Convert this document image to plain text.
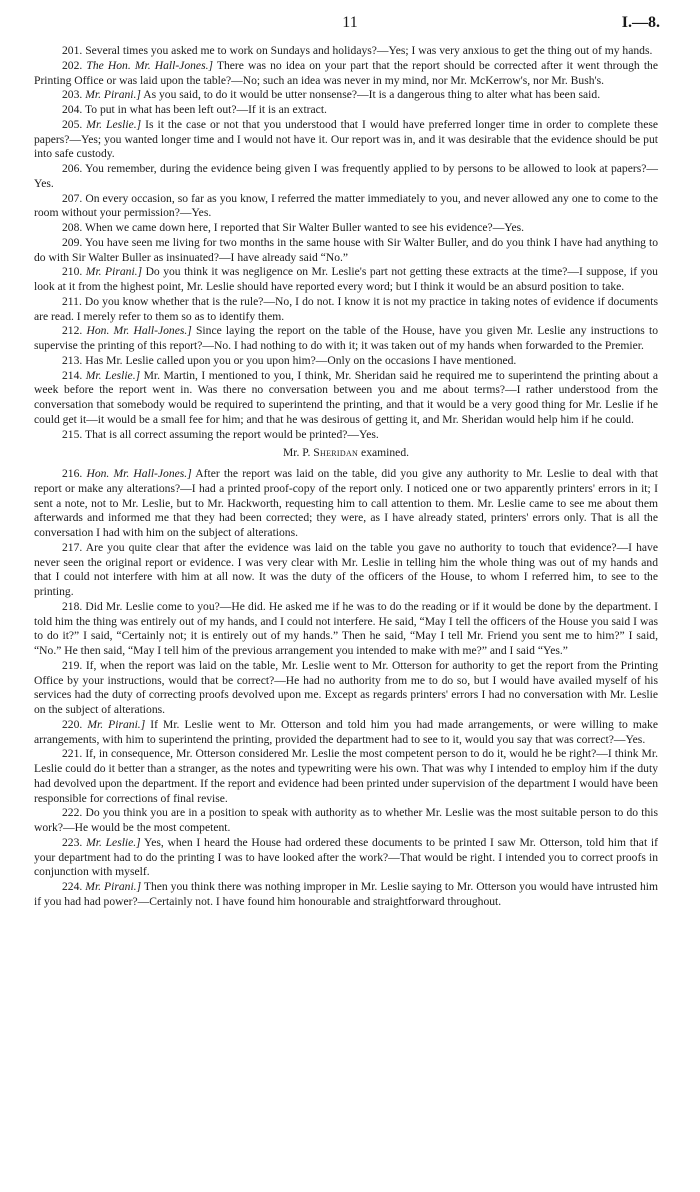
11	I.—8.

201. Several times you asked me to work on Sundays and holidays?—Yes; I was very anxious to get the thing out of my hands.

202. The Hon. Mr. Hall-Jones.] There was no idea on your part that the report should be corrected after it went through the Printing Office or was laid upon the table?—No; such an idea was never in my mind, nor Mr. McKerrow's, nor Mr. Bush's.

203. Mr. Pirani.] As you said, to do it would be utter nonsense?—It is a dangerous thing to alter what has been said.

204. To put in what has been left out?—If it is an extract.

205. Mr. Leslie.] Is it the case or not that you understood that I would have preferred longer time in order to complete these papers?—Yes; you wanted longer time and I would not have it. Our report was in, and it was desirable that the evidence should be put into safe custody.

206. You remember, during the evidence being given I was frequently applied to by persons to be allowed to look at papers?—Yes.

207. On every occasion, so far as you know, I referred the matter immediately to you, and never allowed any one to come to the room without your permission?—Yes.

208. When we came down here, I reported that Sir Walter Buller wanted to see his evidence?—Yes.

209. You have seen me living for two months in the same house with Sir Walter Buller, and do you think I have had anything to do with Sir Walter Buller as insinuated?—I have already said “No.”

210. Mr. Pirani.] Do you think it was negligence on Mr. Leslie's part not getting these extracts at the time?—I suppose, if you look at it from the highest point, Mr. Leslie should have reported every word; but I think it would be an absurd position to take.

211. Do you know whether that is the rule?—No, I do not. I know it is not my practice in taking notes of evidence if documents are read. I merely refer to them so as to identify them.

212. Hon. Mr. Hall-Jones.] Since laying the report on the table of the House, have you given Mr. Leslie any instructions to supervise the printing of this report?—No. I had nothing to do with it; it was taken out of my hands when forwarded to the Premier.

213. Has Mr. Leslie called upon you or you upon him?—Only on the occasions I have mentioned.

214. Mr. Leslie.] Mr. Martin, I mentioned to you, I think, Mr. Sheridan said he required me to superintend the printing about a week before the report went in. Was there no conversation between you and me about terms?—I rather understood from the conversation that somebody would be required to superintend the printing, and that it would be a very good thing for Mr. Leslie if he could get it—it would be a small fee for him; and that he was desirous of getting it, and Mr. Sheridan would help him if he could.

215. That is all correct assuming the report would be printed?—Yes.

Mr. P. Sheridan examined.

216. Hon. Mr. Hall-Jones.] After the report was laid on the table, did you give any authority to Mr. Leslie to deal with that report or make any alterations?—I had a printed proof-copy of the report only. I noticed one or two apparently printers' errors in it; I sent a note, not to Mr. Leslie, but to Mr. Hackworth, requesting him to call attention to them. Mr. Leslie came to see me about them afterwards and informed me that they had been corrected; they were, as I have already stated, printers' errors only. That is all the conversation I had with him on the subject of alterations.

217. Are you quite clear that after the evidence was laid on the table you gave no authority to touch that evidence?—I have never seen the original report or evidence. I was very clear with Mr. Leslie in telling him the whole thing was out of my hands and that I could not interfere with him at all now. It was the duty of the officers of the House, to whom I referred him, to see to the printing.

218. Did Mr. Leslie come to you?—He did. He asked me if he was to do the reading or if it would be done by the department. I told him the thing was entirely out of my hands, and I could not interfere. He said, “May I tell the officers of the House you said I was to do it?” I said, “Certainly not; it is entirely out of my hands.” Then he said, “May I tell Mr. Friend you sent me to him?” I said, “No.” He then said, “May I tell him of the previous arrangement you intended to make with me?” and I said “Yes.”

219. If, when the report was laid on the table, Mr. Leslie went to Mr. Otterson for authority to get the report from the Printing Office by your instructions, would that be correct?—He had no authority from me to do so, but I would have availed myself of his services had the duty of correcting proofs devolved upon me. Except as regards printers' errors I had no conversation with Mr. Leslie on the subject of alterations.

220. Mr. Pirani.] If Mr. Leslie went to Mr. Otterson and told him you had made arrangements, or were willing to make arrangements, with him to superintend the printing, provided the department had to see to it, would you say that was correct?—Yes.

221. If, in consequence, Mr. Otterson considered Mr. Leslie the most competent person to do it, would he be right?—I think Mr. Leslie could do it better than a stranger, as the notes and typewriting were his own. That was why I intended to employ him if the duty had devolved upon the department. If the report and evidence had been printed under supervision of the department I would have been responsible for corrections of final revise.

222. Do you think you are in a position to speak with authority as to whether Mr. Leslie was the most suitable person to do this work?—He would be the most competent.

223. Mr. Leslie.] Yes, when I heard the House had ordered these documents to be printed I saw Mr. Otterson, told him that if your department had to do the printing I was to have looked after the work?—That would be right. I intended you to correct proofs in conjunction with myself.

224. Mr. Pirani.] Then you think there was nothing improper in Mr. Leslie saying to Mr. Otterson you would have intrusted him if you had had power?—Certainly not. I have found him honourable and straightforward throughout.
